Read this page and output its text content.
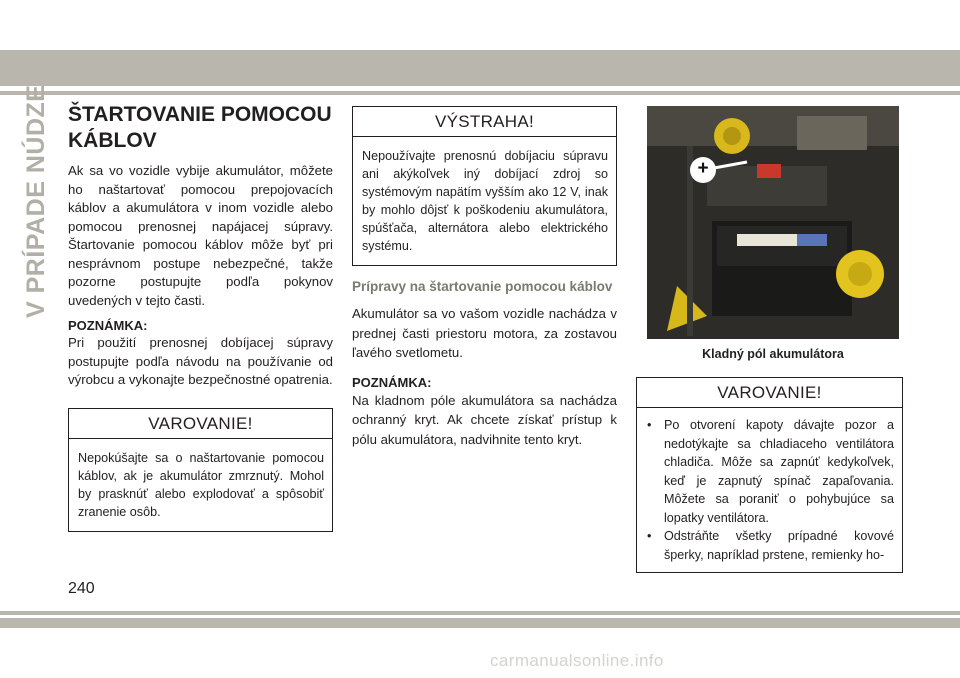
V PRÍPADE NÚDZE ŠTARTOVANIE POMOCOU KÁBLOV

Ak sa vo vozidle vybije akumulátor, môžete ho naštartovať pomocou prepojovacích káblov a akumulátora v inom vozidle alebo pomocou prenosnej napájacej súpravy. Štartovanie pomocou káblov môže byť pri nesprávnom postupe nebezpečné, takže pozorne postupujte podľa pokynov uvedených v tejto časti.

POZNÁMKA:

Pri použití prenosnej dobíjacej súpravy postupujte podľa návodu na používanie od výrobcu a vykonajte bezpečnostné opatrenia.

VAROVANIE!
Nepokúšajte sa o naštartovanie pomocou káblov, ak je akumulátor zmrznutý. Mohol by prasknúť alebo explodovať a spôsobiť zranenie osôb.
VÝSTRAHA!
Nepoužívajte prenosnú dobíjaciu súpravu ani akýkoľvek iný dobíjací zdroj so systémovým napätím vyšším ako 12 V, inak by mohlo dôjsť k poškodeniu akumulátora, spúšťača, alternátora alebo elektrického systému.
Prípravy na štartovanie pomocou káblov

Akumulátor sa vo vašom vozidle nachádza v prednej časti priestoru motora, za zostavou ľavého svetlometu.

POZNÁMKA:

Na kladnom póle akumulátora sa nachádza ochranný kryt. Ak chcete získať prístup k pólu akumulátora, nadvihnite tento kryt.

+
Kladný pól akumulátora
VAROVANIE!
• Po otvorení kapoty dávajte pozor a nedotýkajte sa chladiaceho ventilátora chladiča. Môže sa zapnúť kedykoľvek, keď je zapnutý spínač zapaľovania. Môžete sa poraniť o pohybujúce sa lopatky ventilátora.
• Odstráňte všetky prípadné kovové šperky, napríklad prstene, remienky ho-
240
carmanualsonline.info
